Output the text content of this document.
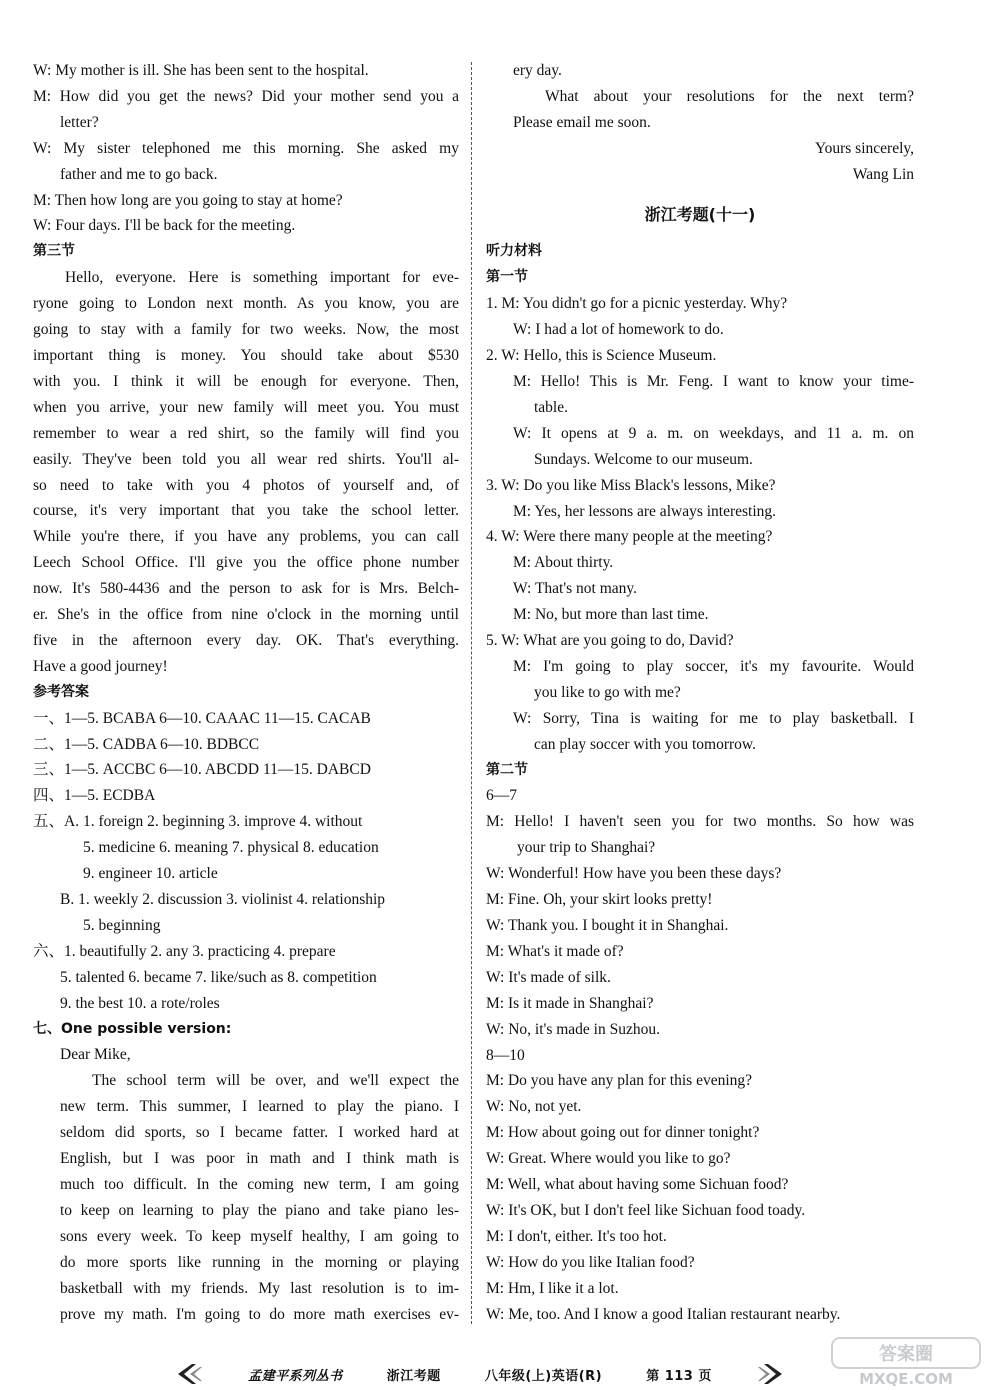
W: My mother is ill. She has been sent to the hospital.
M: How did you get the news? Did your mother send you a
letter?
W: My sister telephoned me this morning. She asked my
father and me to go back.
M: Then how long are you going to stay at home?
W: Four days. I'll be back for the meeting.
第三节
Hello, everyone. Here is something important for eve-
ryone going to London next month. As you know, you are
going to stay with a family for two weeks. Now, the most
important thing is money. You should take about $530
with you. I think it will be enough for everyone. Then,
when you arrive, your new family will meet you. You must
remember to wear a red shirt, so the family will find you
easily. They've been told you all wear red shirts. You'll al-
so need to take with you 4 photos of yourself and, of
course, it's very important that you take the school letter.
While you're there, if you have any problems, you can call
Leech School Office. I'll give you the office phone number
now. It's 580-4436 and the person to ask for is Mrs. Belch-
er. She's in the office from nine o'clock in the morning until
five in the afternoon every day. OK. That's everything.
Have a good journey!
参考答案
一、1—5. BCABA 6—10. CAAAC 11—15. CACAB
二、1—5. CADBA 6—10. BDBCC
三、1—5. ACCBC 6—10. ABCDD 11—15. DABCD
四、1—5. ECDBA
五、A. 1. foreign 2. beginning 3. improve 4. without
5. medicine 6. meaning 7. physical 8. education
9. engineer 10. article
B. 1. weekly 2. discussion 3. violinist 4. relationship
5. beginning
六、1. beautifully 2. any 3. practicing 4. prepare
5. talented 6. became 7. like/such as 8. competition
9. the best 10. a rote/roles
七、One possible version:
Dear Mike,
The school term will be over, and we'll expect the
new term. This summer, I learned to play the piano. I
seldom did sports, so I became fatter. I worked hard at
English, but I was poor in math and I think math is
much too difficult. In the coming new term, I am going
to keep on learning to play the piano and take piano les-
sons every week. To keep myself healthy, I am going to
do more sports like running in the morning or playing
basketball with my friends. My last resolution is to im-
prove my math. I'm going to do more math exercises ev-
ery day.
What about your resolutions for the next term?
Please email me soon.
Yours sincerely,
Wang Lin
浙江考题(十一)
听力材料
第一节
1. M: You didn't go for a picnic yesterday. Why?
W: I had a lot of homework to do.
2. W: Hello, this is Science Museum.
M: Hello! This is Mr. Feng. I want to know your time-
table.
W: It opens at 9 a. m. on weekdays, and 11 a. m. on
Sundays. Welcome to our museum.
3. W: Do you like Miss Black's lessons, Mike?
M: Yes, her lessons are always interesting.
4. W: Were there many people at the meeting?
M: About thirty.
W: That's not many.
M: No, but more than last time.
5. W: What are you going to do, David?
M: I'm going to play soccer, it's my favourite. Would
you like to go with me?
W: Sorry, Tina is waiting for me to play basketball. I
can play soccer with you tomorrow.
第二节
6—7
M: Hello! I haven't seen you for two months. So how was
your trip to Shanghai?
W: Wonderful! How have you been these days?
M: Fine. Oh, your skirt looks pretty!
W: Thank you. I bought it in Shanghai.
M: What's it made of?
W: It's made of silk.
M: Is it made in Shanghai?
W: No, it's made in Suzhou.
8—10
M: Do you have any plan for this evening?
W: No, not yet.
M: How about going out for dinner tonight?
W: Great. Where would you like to go?
M: Well, what about having some Sichuan food?
W: It's OK, but I don't feel like Sichuan food toady.
M: I don't, either. It's too hot.
W: How do you like Italian food?
M: Hm, I like it a lot.
W: Me, too. And I know a good Italian restaurant nearby.
孟建平系列丛书	浙江考题	八年级(上)英语(R)	第 113 页
答案圈
MXQE.COM
